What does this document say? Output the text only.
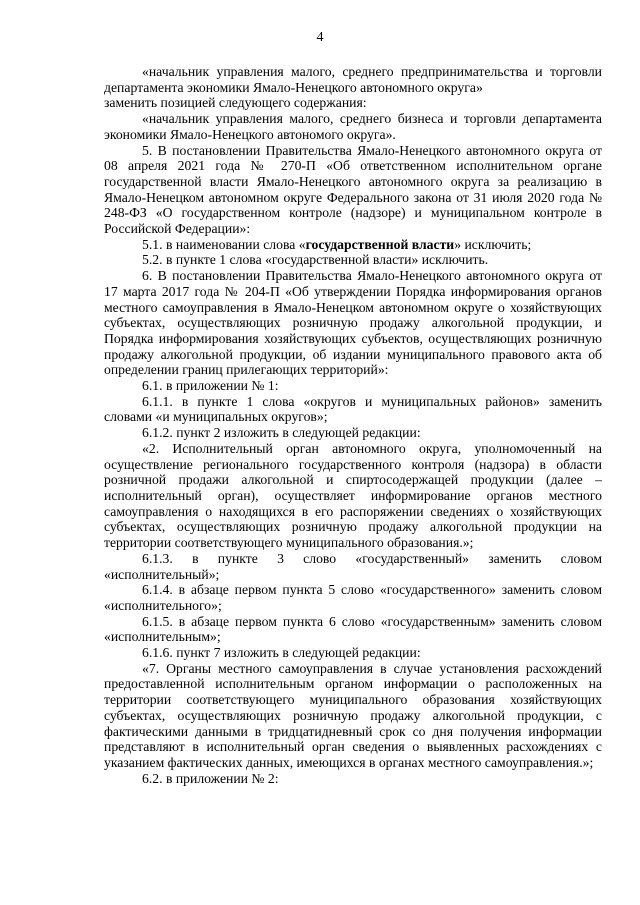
4

«начальник управления малого, среднего предпринимательства и торговли департамента экономики Ямало-Ненецкого автономного округа»

заменить позицией следующего содержания:

«начальник управления малого, среднего бизнеса и торговли департамента экономики Ямало-Ненецкого автономого округа».

5. В постановлении Правительства Ямало-Ненецкого автономного округа от 08 апреля 2021 года № 270-П «Об ответственном исполнительном органе государственной власти Ямало-Ненецкого автономного округа за реализацию в Ямало-Ненецком автономном округе Федерального закона от 31 июля 2020 года № 248-ФЗ «О государственном контроле (надзоре) и муниципальном контроле в Российской Федерации»:

5.1. в наименовании слова «государственной власти» исключить;

5.2. в пункте 1 слова «государственной власти» исключить.

6. В постановлении Правительства Ямало-Ненецкого автономного округа от 17 марта 2017 года № 204-П «Об утверждении Порядка информирования органов местного самоуправления в Ямало-Ненецком автономном округе о хозяйствующих субъектах, осуществляющих розничную продажу алкогольной продукции, и Порядка информирования хозяйствующих субъектов, осуществляющих розничную продажу алкогольной продукции, об издании муниципального правового акта об определении границ прилегающих территорий»:

6.1. в приложении № 1:

6.1.1. в пункте 1 слова «округов и муниципальных районов» заменить словами «и муниципальных округов»;

6.1.2. пункт 2 изложить в следующей редакции:

«2. Исполнительный орган автономного округа, уполномоченный на осуществление регионального государственного контроля (надзора) в области розничной продажи алкогольной и спиртосодержащей продукции (далее – исполнительный орган), осуществляет информирование органов местного самоуправления о находящихся в его распоряжении сведениях о хозяйствующих субъектах, осуществляющих розничную продажу алкогольной продукции на территории соответствующего муниципального образования.»;

6.1.3. в пункте 3 слово «государственный» заменить словом «исполнительный»;

6.1.4. в абзаце первом пункта 5 слово «государственного» заменить словом «исполнительного»;

6.1.5. в абзаце первом пункта 6 слово «государственным» заменить словом «исполнительным»;

6.1.6. пункт 7 изложить в следующей редакции:

«7. Органы местного самоуправления в случае установления расхождений предоставленной исполнительным органом информации о расположенных на территории соответствующего муниципального образования хозяйствующих субъектах, осуществляющих розничную продажу алкогольной продукции, с фактическими данными в тридцатидневный срок со дня получения информации представляют в исполнительный орган сведения о выявленных расхождениях с указанием фактических данных, имеющихся в органах местного самоуправления.»;

6.2. в приложении № 2:
